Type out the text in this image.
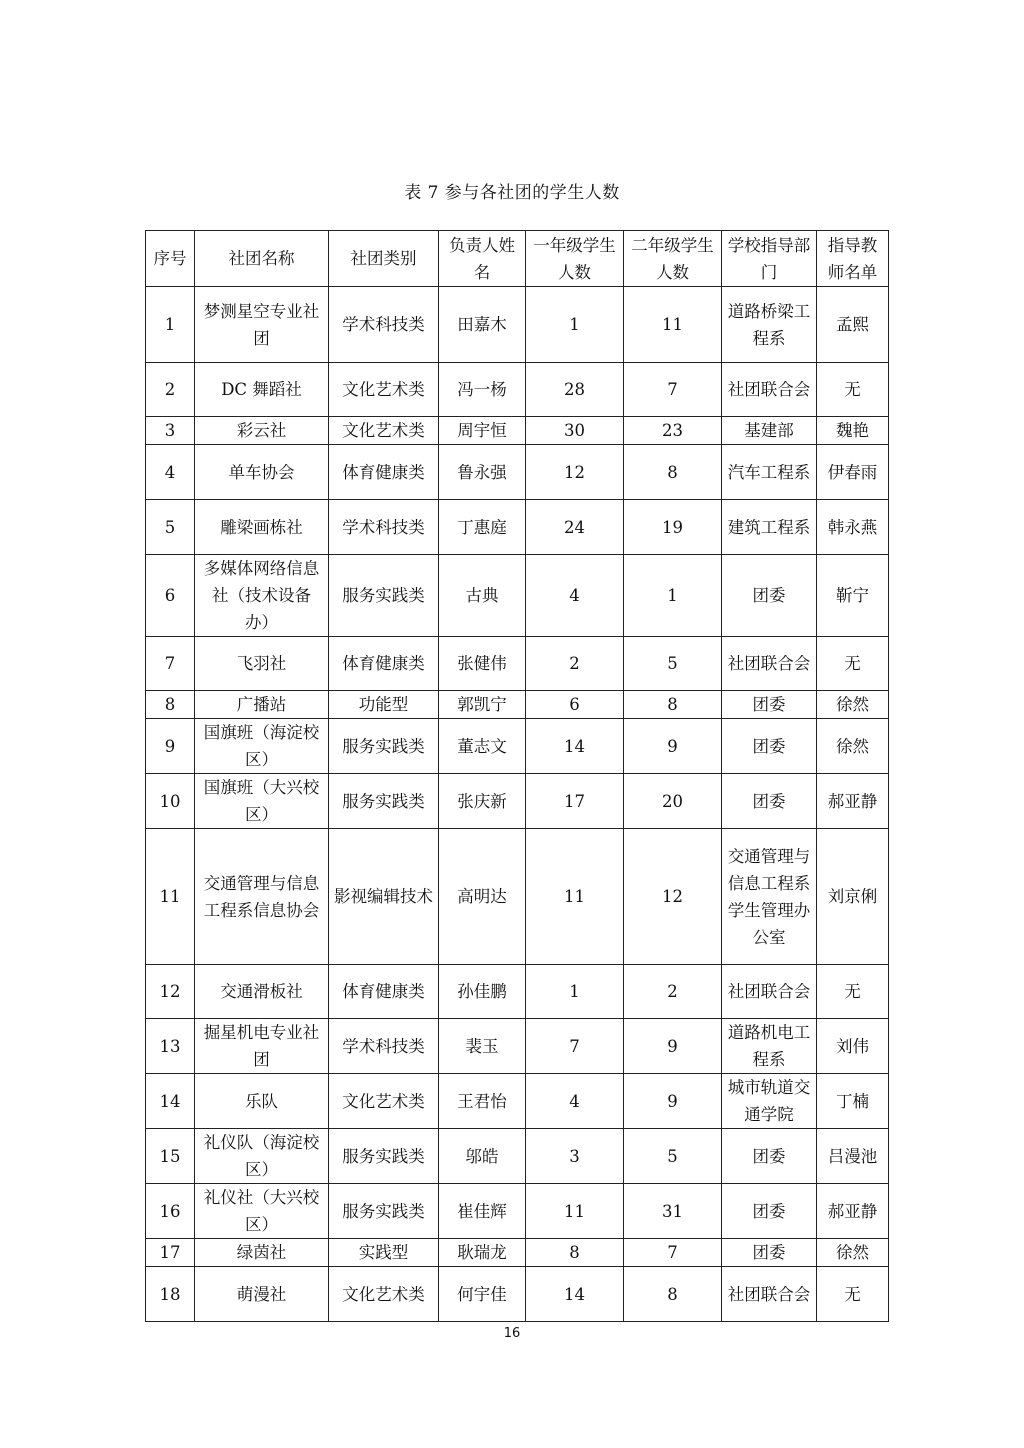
表 7 参与各社团的学生人数
序号	社团名称	社团类别	负责人姓名	一年级学生人数	二年级学生人数	学校指导部门	指导教师名单
1	梦测星空专业社团	学术科技类	田嘉木	1	11	道路桥梁工程系	孟熙
2	DC 舞蹈社	文化艺术类	冯一杨	28	7	社团联合会	无
3	彩云社	文化艺术类	周宇恒	30	23	基建部	魏艳
4	单车协会	体育健康类	鲁永强	12	8	汽车工程系	伊春雨
5	雕梁画栋社	学术科技类	丁惠庭	24	19	建筑工程系	韩永燕
6	多媒体网络信息社（技术设备办）	服务实践类	古典	4	1	团委	靳宁
7	飞羽社	体育健康类	张健伟	2	5	社团联合会	无
8	广播站	功能型	郭凯宁	6	8	团委	徐然
9	国旗班（海淀校区）	服务实践类	董志文	14	9	团委	徐然
10	国旗班（大兴校区）	服务实践类	张庆新	17	20	团委	郝亚静
11	交通管理与信息工程系信息协会	影视编辑技术	高明达	11	12	交通管理与信息工程系学生管理办公室	刘京俐
12	交通滑板社	体育健康类	孙佳鹏	1	2	社团联合会	无
13	掘星机电专业社团	学术科技类	裴玉	7	9	道路机电工程系	刘伟
14	乐队	文化艺术类	王君怡	4	9	城市轨道交通学院	丁楠
15	礼仪队（海淀校区）	服务实践类	邬皓	3	5	团委	吕漫池
16	礼仪社（大兴校区）	服务实践类	崔佳辉	11	31	团委	郝亚静
17	绿茵社	实践型	耿瑞龙	8	7	团委	徐然
18	萌漫社	文化艺术类	何宇佳	14	8	社团联合会	无
16
